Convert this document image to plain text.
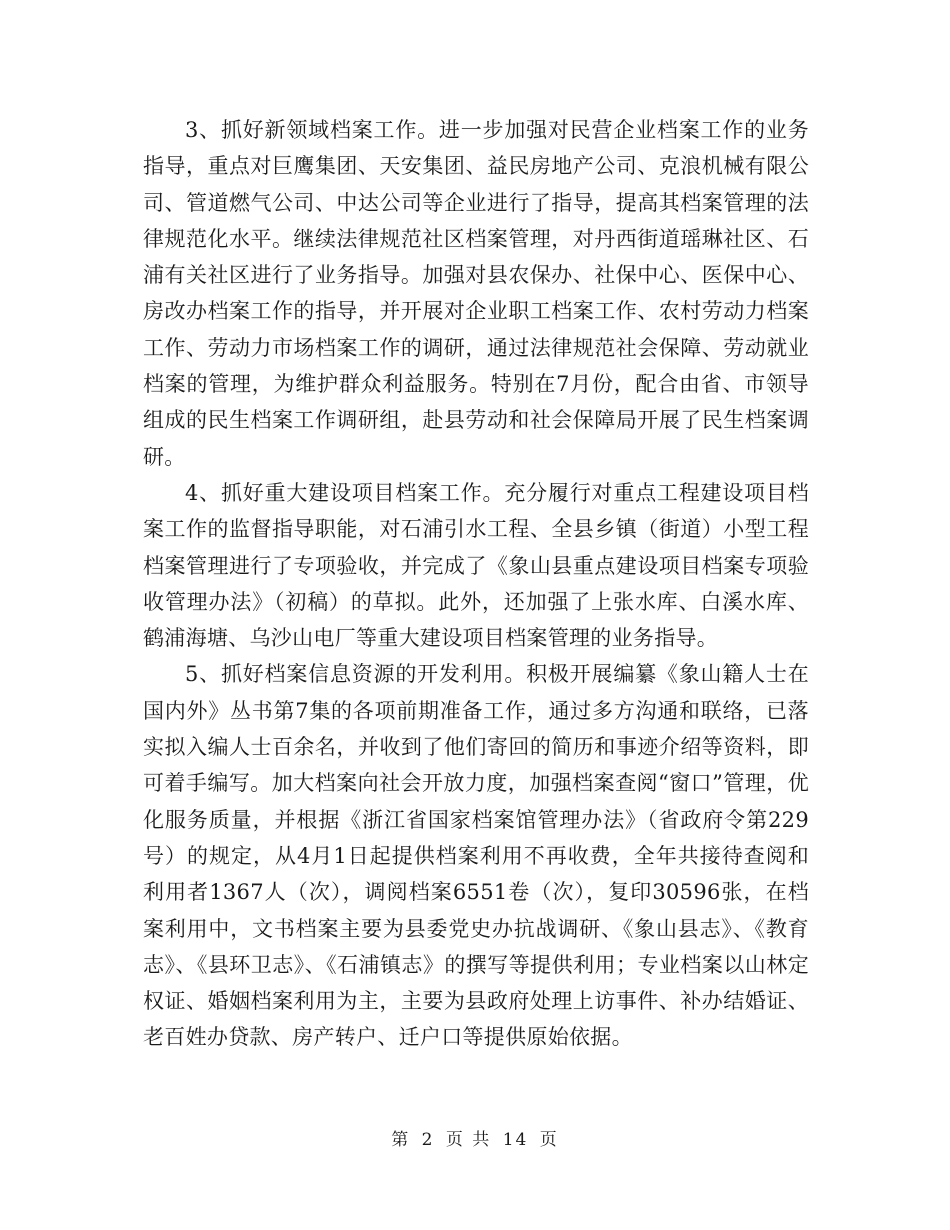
3、抓好新领域档案工作。进一步加强对民营企业档案工作的业务指导，重点对巨鹰集团、天安集团、益民房地产公司、克浪机械有限公司、管道燃气公司、中达公司等企业进行了指导，提高其档案管理的法律规范化水平。继续法律规范社区档案管理，对丹西街道瑶琳社区、石浦有关社区进行了业务指导。加强对县农保办、社保中心、医保中心、房改办档案工作的指导，并开展对企业职工档案工作、农村劳动力档案工作、劳动力市场档案工作的调研，通过法律规范社会保障、劳动就业档案的管理，为维护群众利益服务。特别在7月份，配合由省、市领导组成的民生档案工作调研组，赴县劳动和社会保障局开展了民生档案调研。

4、抓好重大建设项目档案工作。充分履行对重点工程建设项目档案工作的监督指导职能，对石浦引水工程、全县乡镇（街道）小型工程档案管理进行了专项验收，并完成了《象山县重点建设项目档案专项验收管理办法》（初稿）的草拟。此外，还加强了上张水库、白溪水库、鹤浦海塘、乌沙山电厂等重大建设项目档案管理的业务指导。

5、抓好档案信息资源的开发利用。积极开展编纂《象山籍人士在国内外》丛书第7集的各项前期准备工作，通过多方沟通和联络，已落实拟入编人士百余名，并收到了他们寄回的简历和事迹介绍等资料，即可着手编写。加大档案向社会开放力度，加强档案查阅“窗口”管理，优化服务质量，并根据《浙江省国家档案馆管理办法》（省政府令第229号）的规定，从4月1日起提供档案利用不再收费，全年共接待查阅和利用者1367人（次），调阅档案6551卷（次），复印30596张，在档案利用中，文书档案主要为县委党史办抗战调研、《象山县志》、《教育志》、《县环卫志》、《石浦镇志》的撰写等提供利用；专业档案以山林定权证、婚姻档案利用为主，主要为县政府处理上访事件、补办结婚证、老百姓办贷款、房产转户、迁户口等提供原始依据。

第 2 页 共 14 页
